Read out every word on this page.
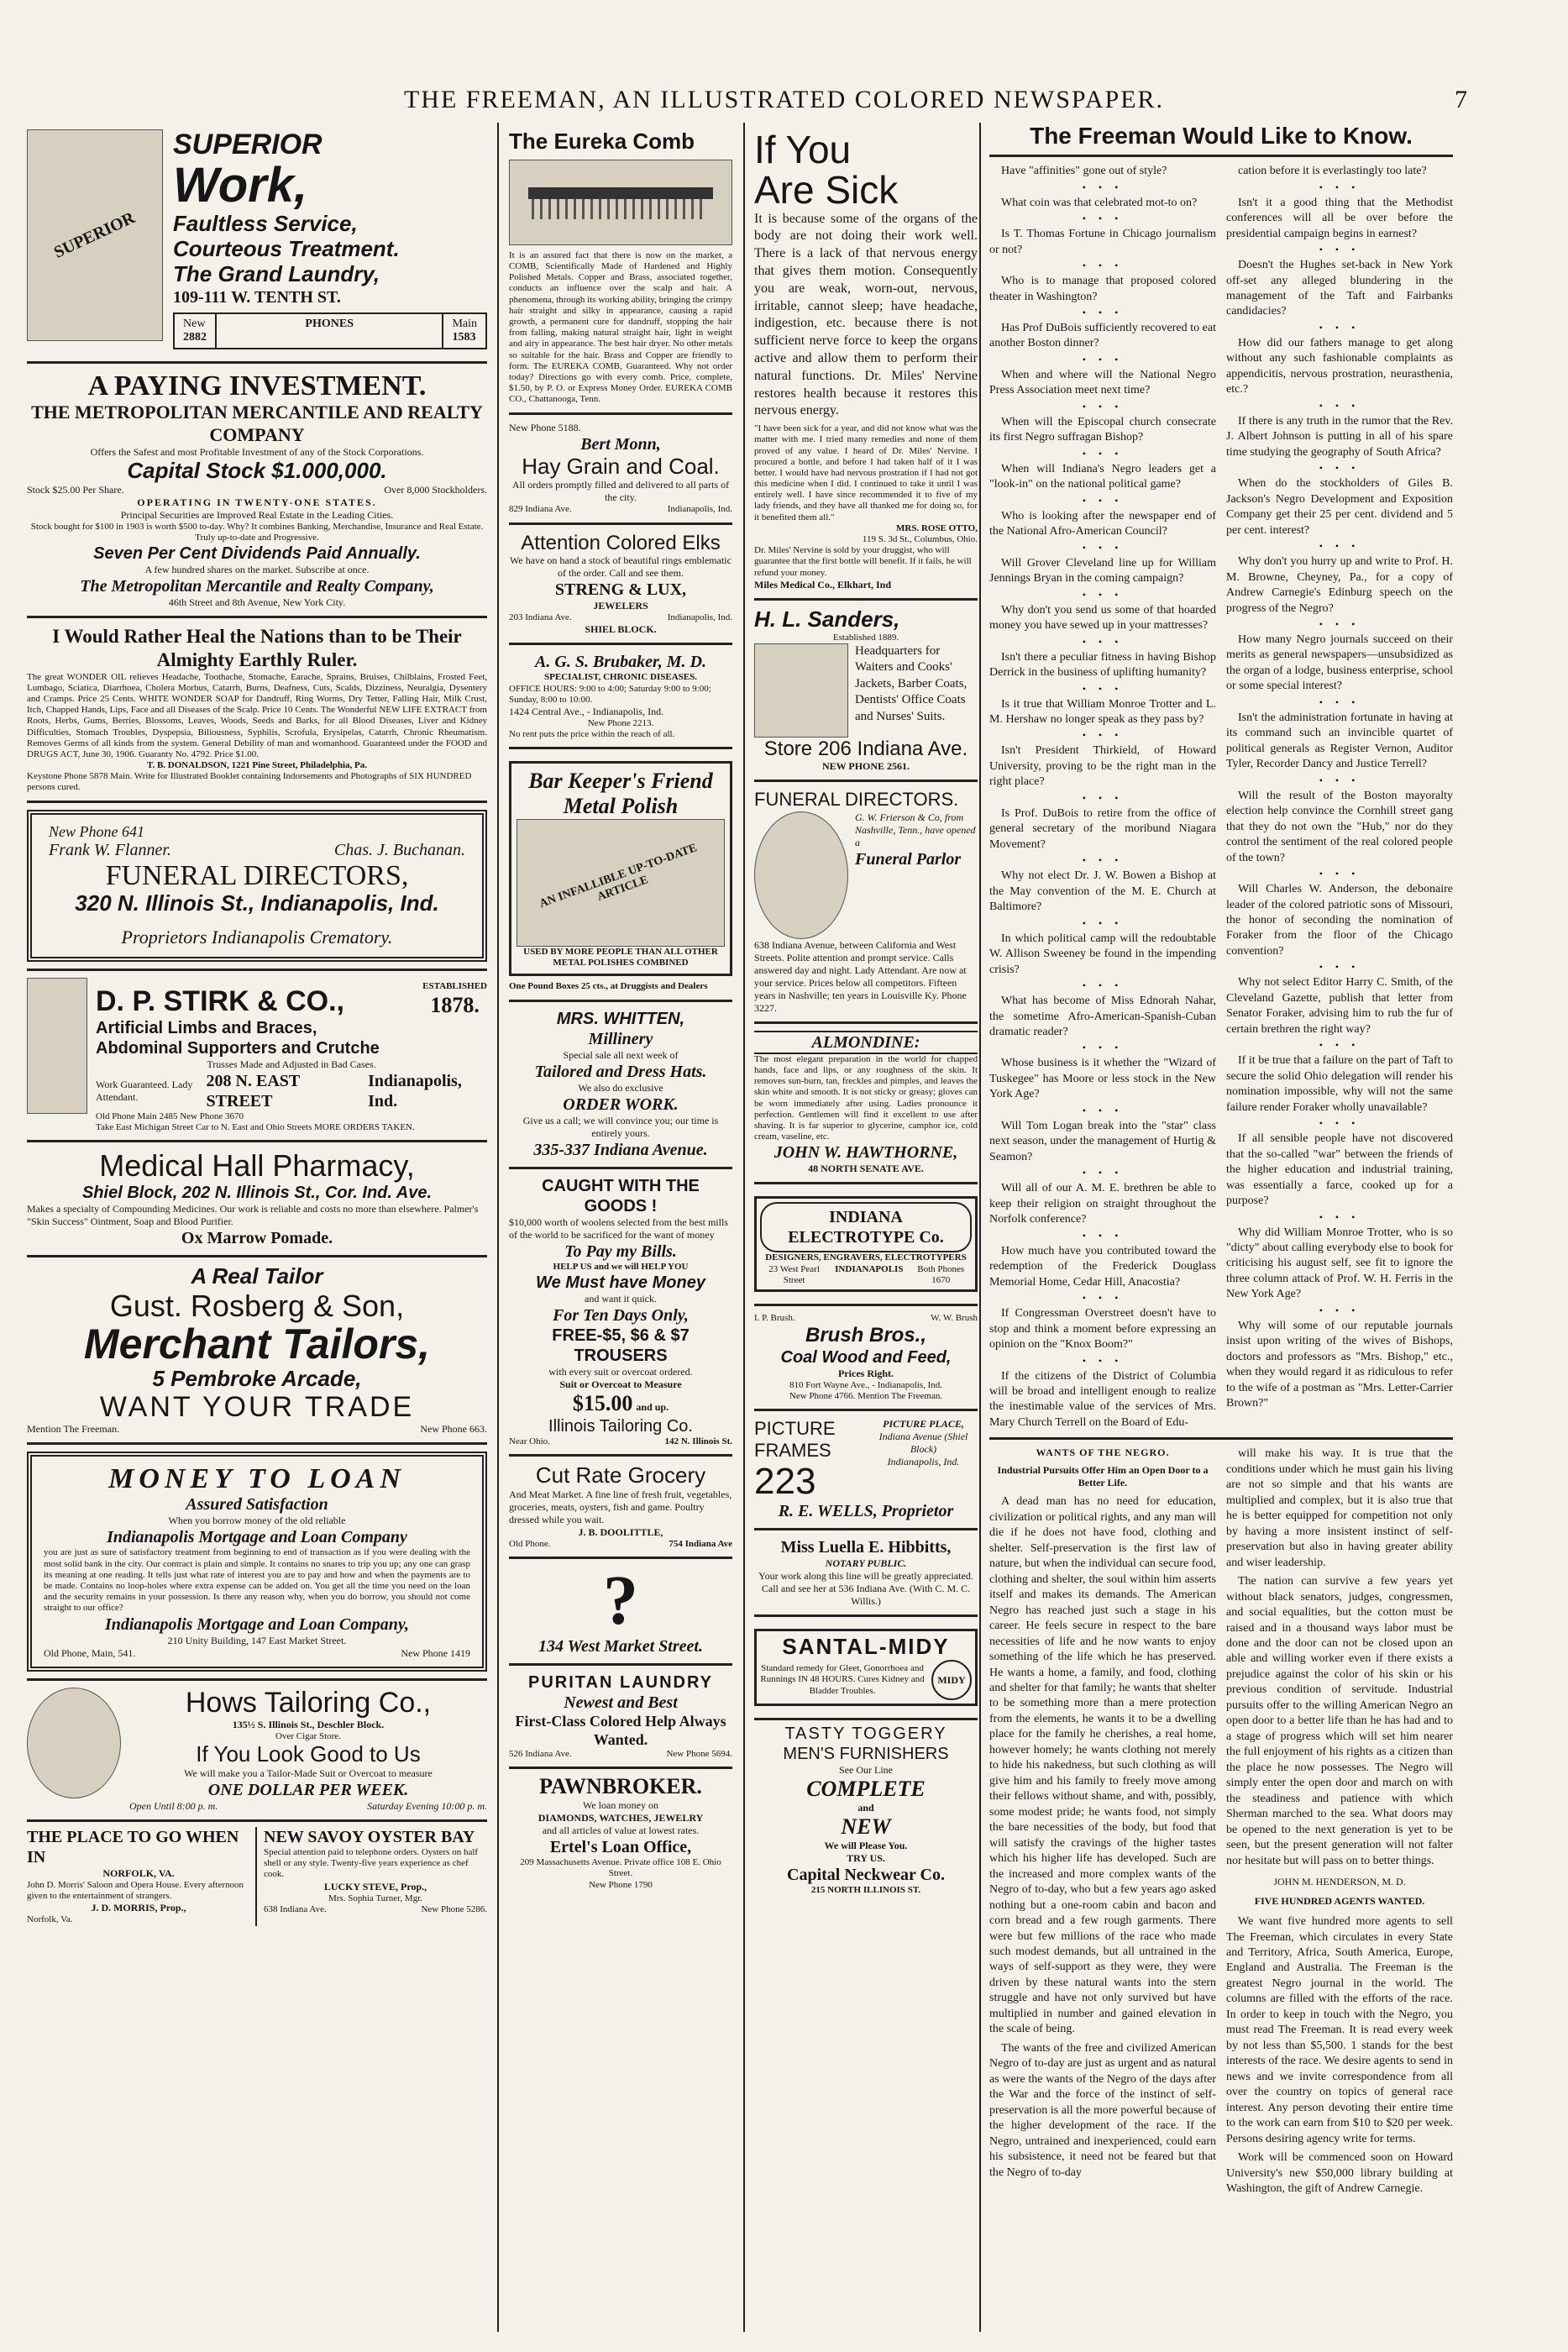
THE FREEMAN, AN ILLUSTRATED COLORED NEWSPAPER.	7
SUPERIOR
SUPERIOR
Work,
Faultless Service,
Courteous Treatment.
The Grand Laundry,
109-111 W. TENTH ST.
New
2882
PHONES	Main
1583
A PAYING INVESTMENT.
THE METROPOLITAN MERCANTILE AND REALTY COMPANY
Offers the Safest and most Profitable Investment of any of the Stock Corporations.
Capital Stock $1.000,000.
Stock $25.00 Per Share.	Over 8,000 Stockholders.
OPERATING IN TWENTY-ONE STATES.
Principal Securities are Improved Real Estate in the Leading Cities.
Stock bought for $100 in 1903 is worth $500 to-day. Why? It combines Banking, Merchandise, Insurance and Real Estate. Truly up-to-date and Progressive.
Seven Per Cent Dividends Paid Annually.
A few hundred shares on the market. Subscribe at once.
The Metropolitan Mercantile and Realty Company,
46th Street and 8th Avenue, New York City.
I Would Rather Heal the Nations than to be Their Almighty Earthly Ruler.
The great WONDER OIL relieves Headache, Toothache, Stomache, Earache, Sprains, Bruises, Chilblains, Frosted Feet, Lumbago, Sciatica, Diarrhoea, Cholera Morbus, Catarrh, Burns, Deafness, Cuts, Scalds, Dizziness, Neuralgia, Dysentery and Cramps. Price 25 Cents. WHITE WONDER SOAP for Dandruff, Ring Worms, Dry Tetter, Falling Hair, Milk Crust, Itch, Chapped Hands, Lips, Face and all Diseases of the Scalp. Price 10 Cents. The Wonderful NEW LIFE EXTRACT from Roots, Herbs, Gums, Berries, Blossoms, Leaves, Woods, Seeds and Barks, for all Blood Diseases, Liver and Kidney Difficulties, Stomach Troubles, Dyspepsia, Biliousness, Syphilis, Scrofula, Erysipelas, Catarrh, Chronic Rheumatism. Removes Germs of all kinds from the system. General Debility of man and womanhood. Guaranteed under the FOOD and DRUGS ACT, June 30, 1906. Guaranty No. 4792. Price $1.00.
T. B. DONALDSON, 1221 Pine Street, Philadelphia, Pa.
Keystone Phone 5878 Main. Write for Illustrated Booklet containing Indorsements and Photographs of SIX HUNDRED persons cured.
New Phone 641
Frank W. Flanner.	Chas. J. Buchanan.
FUNERAL DIRECTORS,
320 N. Illinois St., Indianapolis, Ind.
Proprietors Indianapolis Crematory.
D. P. STIRK & CO.,	ESTABLISHED
1878.
Artificial Limbs and Braces,
Abdominal Supporters and Crutche
Trusses Made and Adjusted in Bad Cases.
Work Guaranteed. Lady Attendant.
208 N. EAST STREET
Indianapolis, Ind.
Old Phone Main 2485 New Phone 3670
Take East Michigan Street Car to N. East and Ohio Streets MORE ORDERS TAKEN.
Medical Hall Pharmacy,
Shiel Block, 202 N. Illinois St., Cor. Ind. Ave.
Makes a specialty of Compounding Medicines. Our work is reliable and costs no more than elsewhere. Palmer's "Skin Success" Ointment, Soap and Blood Purifier.
Ox Marrow Pomade.
A Real Tailor
Gust. Rosberg & Son,
Merchant Tailors,
5 Pembroke Arcade,
WANT YOUR TRADE
Mention The Freeman.	New Phone 663.
MONEY TO LOAN
Assured Satisfaction
When you borrow money of the old reliable
Indianapolis Mortgage and Loan Company
you are just as sure of satisfactory treatment from beginning to end of transaction as if you were dealing with the most solid bank in the city. Our contract is plain and simple. It contains no snares to trip you up; any one can grasp its meaning at one reading. It tells just what rate of interest you are to pay and how and when the payments are to be made. Contains no loop-holes where extra expense can be added on. You get all the time you need on the loan and the security remains in your possession. Is there any reason why, when you do borrow, you should not come straight to our office?
Indianapolis Mortgage and Loan Company,
210 Unity Building, 147 East Market Street.
Old Phone, Main, 541.	New Phone 1419
Hows Tailoring Co.,
135½ S. Illinois St., Deschler Block.
Over Cigar Store.
If You Look Good to Us
We will make you a Tailor-Made Suit or Overcoat to measure
ONE DOLLAR PER WEEK.
Open Until 8:00 p. m.	Saturday Evening 10:00 p. m.
THE PLACE TO GO WHEN IN
NORFOLK, VA.
John D. Morris' Saloon and Opera House. Every afternoon given to the entertainment of strangers.
J. D. MORRIS, Prop.,
Norfolk, Va.
NEW SAVOY OYSTER BAY
Special attention paid to telephone orders. Oysters on half shell or any style. Twenty-five years experience as chef cook.
LUCKY STEVE, Prop.,
Mrs. Sophia Turner, Mgr.
638 Indiana Ave.	New Phone 5286.
The Eureka Comb
It is an assured fact that there is now on the market, a COMB, Scientifically Made of Hardened and Highly Polished Metals. Copper and Brass, associated together, conducts an influence over the scalp and hair. A phenomena, through its working ability, bringing the crimpy hair straight and silky in appearance, causing a rapid growth, a permanent cure for dandruff, stopping the hair from falling, making natural straight hair, light in weight and airy in appearance. The best hair dryer. No other metals so suitable for the hair. Brass and Copper are friendly to form. The EUREKA COMB, Guaranteed. Why not order today? Directions go with every comb. Price, complete, $1.50, by P. O. or Express Money Order. EUREKA COMB CO., Chattanooga, Tenn.
New Phone 5188.
Bert Monn,
Hay Grain and Coal.
All orders promptly filled and delivered to all parts of the city.
829 Indiana Ave.	Indianapolis, Ind.
Attention Colored Elks
We have on hand a stock of beautiful rings emblematic of the order. Call and see them.
STRENG & LUX,
JEWELERS
203 Indiana Ave.	Indianapolis, Ind.
SHIEL BLOCK.
A. G. S. Brubaker, M. D.
SPECIALIST, CHRONIC DISEASES.
OFFICE HOURS: 9:00 to 4:00; Saturday 9:00 to 9:00; Sunday, 8:00 to 10:00.
1424 Central Ave., - Indianapolis, Ind.
New Phone 2213.
No rent puts the price within the reach of all.
Bar Keeper's Friend
Metal Polish
AN INFALLIBLE UP-TO-DATE ARTICLE
USED BY MORE PEOPLE THAN ALL OTHER METAL POLISHES COMBINED
One Pound Boxes 25 cts., at Druggists and Dealers
MRS. WHITTEN,
Millinery
Special sale all next week of
Tailored and Dress Hats.
We also do exclusive
ORDER WORK.
Give us a call; we will convince you; our time is entirely yours.
335-337 Indiana Avenue.
CAUGHT WITH THE GOODS !
$10,000 worth of woolens selected from the best mills of the world to be sacrificed for the want of money
To Pay my Bills.
HELP US and we will HELP YOU
We Must have Money
and want it quick.
For Ten Days Only,
FREE-$5, $6 & $7 TROUSERS
with every suit or overcoat ordered.
Suit or Overcoat to Measure
$15.00 and up.
Illinois Tailoring Co.
Near Ohio.	142 N. Illinois St.
Cut Rate Grocery
And Meat Market. A fine line of fresh fruit, vegetables, groceries, meats, oysters, fish and game. Poultry dressed while you wait.
J. B. DOOLITTLE,
Old Phone.	754 Indiana Ave
?
134 West Market Street.
PURITAN LAUNDRY
Newest and Best
First-Class Colored Help Always Wanted.
526 Indiana Ave.	New Phone 5694.
PAWNBROKER.
We loan money on
DIAMONDS, WATCHES, JEWELRY
and all articles of value at lowest rates.
Ertel's Loan Office,
209 Massachusetts Avenue. Private office 108 E. Ohio Street.
New Phone 1790
If You
Are Sick
It is because some of the organs of the body are not doing their work well. There is a lack of that nervous energy that gives them motion. Consequently you are weak, worn-out, nervous, irritable, cannot sleep; have headache, indigestion, etc. because there is not sufficient nerve force to keep the organs active and allow them to perform their natural functions. Dr. Miles' Nervine restores health because it restores this nervous energy.
"I have been sick for a year, and did not know what was the matter with me. I tried many remedies and none of them proved of any value. I heard of Dr. Miles' Nervine. I procured a bottle, and before I had taken half of it I was better. I would have had nervous prostration if I had not got this medicine when I did. I continued to take it until I was entirely well. I have since recommended it to five of my lady friends, and they have all thanked me for doing so, for it benefited them all."
MRS. ROSE OTTO,
119 S. 3d St., Columbus, Ohio.
Dr. Miles' Nervine is sold by your druggist, who will guarantee that the first bottle will benefit. If it fails, he will refund your money.
Miles Medical Co., Elkhart, Ind
H. L. Sanders,
Established 1889.
Headquarters for Waiters and Cooks' Jackets, Barber Coats, Dentists' Office Coats and Nurses' Suits.
Store 206 Indiana Ave.
NEW PHONE 2561.
FUNERAL DIRECTORS.
G. W. Frierson & Co, from Nashville, Tenn., have opened a
Funeral Parlor
638 Indiana Avenue, between California and West Streets. Polite attention and prompt service. Calls answered day and night. Lady Attendant. Are now at your service. Prices below all competitors. Fifteen years in Nashville; ten years in Louisville Ky. Phone 3227.
ALMONDINE:
The most elegant preparation in the world for chapped hands, face and lips, or any roughness of the skin. It removes sun-burn, tan, freckles and pimples, and leaves the skin white and smooth. It is not sticky or greasy; gloves can be worn immediately after using. Ladies pronounce it perfection. Gentlemen will find it excellent to use after shaving. It is far superior to glycerine, camphor ice, cold cream, vaseline, etc.
JOHN W. HAWTHORNE,
48 NORTH SENATE AVE.
INDIANA ELECTROTYPE Co.
DESIGNERS, ENGRAVERS, ELECTROTYPERS
23 West Pearl Street
INDIANAPOLIS	Both Phones 1670
I. P. Brush.	W. W. Brush
Brush Bros.,
Coal Wood and Feed,
Prices Right.
810 Fort Wayne Ave., - Indianapolis, Ind.
New Phone 4766. Mention The Freeman.
PICTURE FRAMES
223
PICTURE PLACE,
Indiana Avenue (Shiel Block)
Indianapolis, Ind.
R. E. WELLS, Proprietor
Miss Luella E. Hibbitts,
NOTARY PUBLIC.
Your work along this line will be greatly appreciated. Call and see her at 536 Indiana Ave. (With C. M. C. Willis.)
SANTAL-MIDY
Standard remedy for Gleet, Gonorrhoea and Runnings IN 48 HOURS. Cures Kidney and Bladder Troubles.
MIDY
TASTY TOGGERY
MEN'S FURNISHERS
See Our Line
COMPLETE
and
NEW
We will Please You.
TRY US.
Capital Neckwear Co.
215 NORTH ILLINOIS ST.
The Freeman Would Like to Know.

Have "affinities" gone out of style?

• • •

What coin was that celebrated mot-to on?

• • •

Is T. Thomas Fortune in Chicago journalism or not?

• • •

Who is to manage that proposed colored theater in Washington?

• • •

Has Prof DuBois sufficiently recovered to eat another Boston dinner?

• • •

When and where will the National Negro Press Association meet next time?

• • •

When will the Episcopal church consecrate its first Negro suffragan Bishop?

• • •

When will Indiana's Negro leaders get a "look-in" on the national political game?

• • •

Who is looking after the newspaper end of the National Afro-American Council?

• • •

Will Grover Cleveland line up for William Jennings Bryan in the coming campaign?

• • •

Why don't you send us some of that hoarded money you have sewed up in your mattresses?

• • •

Isn't there a peculiar fitness in having Bishop Derrick in the business of uplifting humanity?

• • •

Is it true that William Monroe Trotter and L. M. Hershaw no longer speak as they pass by?

• • •

Isn't President Thirkield, of Howard University, proving to be the right man in the right place?

• • •

Is Prof. DuBois to retire from the office of general secretary of the moribund Niagara Movement?

• • •

Why not elect Dr. J. W. Bowen a Bishop at the May convention of the M. E. Church at Baltimore?

• • •

In which political camp will the redoubtable W. Allison Sweeney be found in the impending crisis?

• • •

What has become of Miss Ednorah Nahar, the sometime Afro-American-Spanish-Cuban dramatic reader?

• • •

Whose business is it whether the "Wizard of Tuskegee" has Moore or less stock in the New York Age?

• • •

Will Tom Logan break into the "star" class next season, under the management of Hurtig & Seamon?

• • •

Will all of our A. M. E. brethren be able to keep their religion on straight throughout the Norfolk conference?

• • •

How much have you contributed toward the redemption of the Frederick Douglass Memorial Home, Cedar Hill, Anacostia?

• • •

If Congressman Overstreet doesn't have to stop and think a moment before expressing an opinion on the "Knox Boom?"

• • •

If the citizens of the District of Columbia will be broad and intelligent enough to realize the inestimable value of the services of Mrs. Mary Church Terrell on the Board of Edu-

cation before it is everlastingly too late?

• • •

Isn't it a good thing that the Methodist conferences will all be over before the presidential campaign begins in earnest?

• • •

Doesn't the Hughes set-back in New York off-set any alleged blundering in the management of the Taft and Fairbanks candidacies?

• • •

How did our fathers manage to get along without any such fashionable complaints as appendicitis, nervous prostration, neurasthenia, etc.?

• • •

If there is any truth in the rumor that the Rev. J. Albert Johnson is putting in all of his spare time studying the geography of South Africa?

• • •

When do the stockholders of Giles B. Jackson's Negro Development and Exposition Company get their 25 per cent. dividend and 5 per cent. interest?

• • •

Why don't you hurry up and write to Prof. H. M. Browne, Cheyney, Pa., for a copy of Andrew Carnegie's Edinburg speech on the progress of the Negro?

• • •

How many Negro journals succeed on their merits as general newspapers—unsubsidized as the organ of a lodge, business enterprise, school or some special interest?

• • •

Isn't the administration fortunate in having at its command such an invincible quartet of political generals as Register Vernon, Auditor Tyler, Recorder Dancy and Justice Terrell?

• • •

Will the result of the Boston mayoralty election help convince the Cornhill street gang that they do not own the "Hub," nor do they control the sentiment of the real colored people of the town?

• • •

Will Charles W. Anderson, the debonaire leader of the colored patriotic sons of Missouri, the honor of seconding the nomination of Foraker from the floor of the Chicago convention?

• • •

Why not select Editor Harry C. Smith, of the Cleveland Gazette, publish that letter from Senator Foraker, advising him to rub the fur of certain brethren the right way?

• • •

If it be true that a failure on the part of Taft to secure the solid Ohio delegation will render his nomination impossible, why will not the same failure render Foraker wholly unavailable?

• • •

If all sensible people have not discovered that the so-called "war" between the friends of the higher education and industrial training, was essentially a farce, cooked up for a purpose?

• • •

Why did William Monroe Trotter, who is so "dicty" about calling everybody else to book for criticising his august self, see fit to ignore the three column attack of Prof. W. H. Ferris in the New York Age?

• • •

Why will some of our reputable journals insist upon writing of the wives of Bishops, doctors and professors as "Mrs. Bishop," etc., when they would regard it as ridiculous to refer to the wife of a postman as "Mrs. Letter-Carrier Brown?"

WANTS OF THE NEGRO.
Industrial Pursuits Offer Him an Open Door to a Better Life.

A dead man has no need for education, civilization or political rights, and any man will die if he does not have food, clothing and shelter. Self-preservation is the first law of nature, but when the individual can secure food, clothing and shelter, the soul within him asserts itself and makes its demands. The American Negro has reached just such a stage in his career. He feels secure in respect to the bare necessities of life and he now wants to enjoy something of the life which he has preserved. He wants a home, a family, and food, clothing and shelter for that family; he wants that shelter to be something more than a mere protection from the elements, he wants it to be a dwelling place for the family he cherishes, a real home, however homely; he wants clothing not merely to hide his nakedness, but such clothing as will give him and his family to freely move among their fellows without shame, and with, possibly, some modest pride; he wants food, not simply the bare necessities of the body, but food that will satisfy the cravings of the higher tastes which his higher life has developed. Such are the increased and more complex wants of the Negro of to-day, who but a few years ago asked nothing but a one-room cabin and bacon and corn bread and a few rough garments. There were but few millions of the race who made such modest demands, but all untrained in the ways of self-support as they were, they were driven by these natural wants into the stern struggle and have not only survived but have multiplied in number and gained elevation in the scale of being.

The wants of the free and civilized American Negro of to-day are just as urgent and as natural as were the wants of the Negro of the days after the War and the force of the instinct of self-preservation is all the more powerful because of the higher development of the race. If the Negro, untrained and inexperienced, could earn his subsistence, it need not be feared but that the Negro of to-day

will make his way. It is true that the conditions under which he must gain his living are not so simple and that his wants are multiplied and complex, but it is also true that he is better equipped for competition not only by having a more insistent instinct of self-preservation but also in having greater ability and wiser leadership.

The nation can survive a few years yet without black senators, judges, congressmen, and social equalities, but the cotton must be raised and in a thousand ways labor must be done and the door can not be closed upon an able and willing worker even if there exists a prejudice against the color of his skin or his previous condition of servitude. Industrial pursuits offer to the willing American Negro an open door to a better life than he has had and to a stage of progress which will set him nearer the full enjoyment of his rights as a citizen than the place he now possesses. The Negro will simply enter the open door and march on with the steadiness and patience with which Sherman marched to the sea. What doors may be opened to the next generation is yet to be seen, but the present generation will not falter nor hesitate but will pass on to better things.

JOHN M. HENDERSON, M. D.
FIVE HUNDRED AGENTS WANTED.

We want five hundred more agents to sell The Freeman, which circulates in every State and Territory, Africa, South America, Europe, England and Australia. The Freeman is the greatest Negro journal in the world. The columns are filled with the efforts of the race. In order to keep in touch with the Negro, you must read The Freeman. It is read every week by not less than $5,500. 1 stands for the best interests of the race. We desire agents to send in news and we invite correspondence from all over the country on topics of general race interest. Any person devoting their entire time to the work can earn from $10 to $20 per week. Persons desiring agency write for terms.

Work will be commenced soon on Howard University's new $50,000 library building at Washington, the gift of Andrew Carnegie.
